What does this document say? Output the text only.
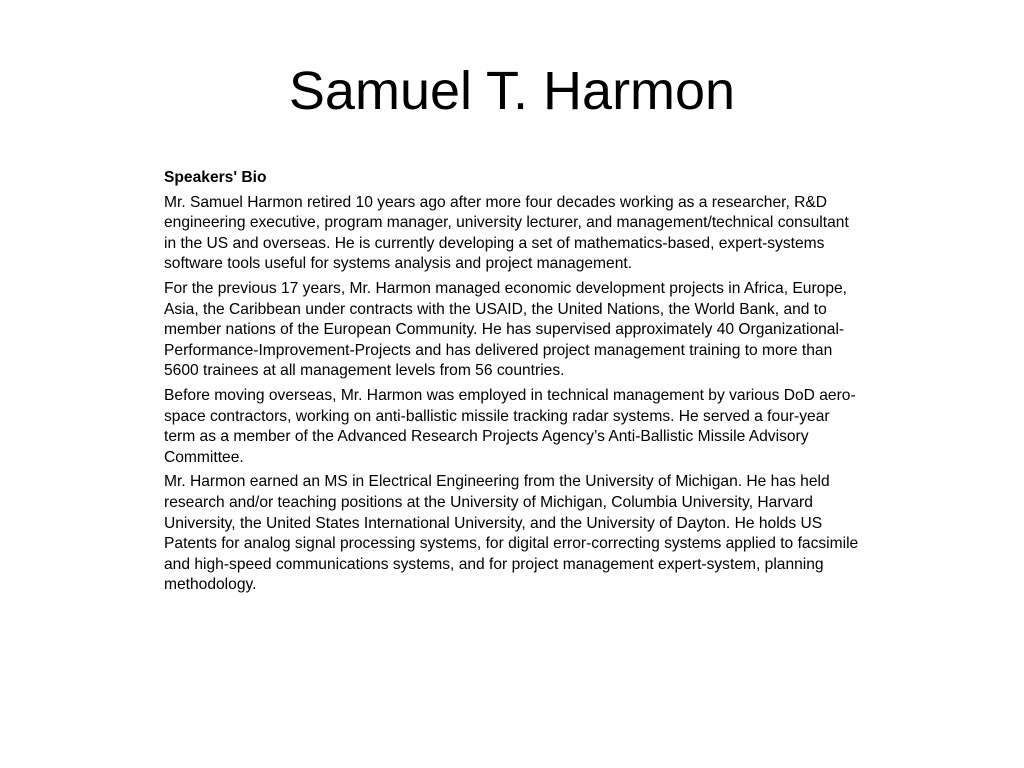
Samuel T. Harmon

Speakers' Bio

Mr. Samuel Harmon retired 10 years ago after more four decades working as a researcher, R&D engineering executive, program manager, university lecturer, and management/technical consultant in the US and overseas. He is currently developing a set of mathematics-based, expert-systems software tools useful for systems analysis and project management.

For the previous 17 years, Mr. Harmon managed economic development projects in Africa, Europe, Asia, the Caribbean under contracts with the USAID, the United Nations, the World Bank, and to member nations of the European Community. He has supervised approximately 40 Organizational-Performance-Improvement-Projects and has delivered project management training to more than 5600 trainees at all management levels from 56 countries.

Before moving overseas, Mr. Harmon was employed in technical management by various DoD aero-space contractors, working on anti-ballistic missile tracking radar systems. He served a four-year term as a member of the Advanced Research Projects Agency’s Anti-Ballistic Missile Advisory Committee.

Mr. Harmon earned an MS in Electrical Engineering from the University of Michigan. He has held research and/or teaching positions at the University of Michigan, Columbia University, Harvard University, the United States International University, and the University of Dayton. He holds US Patents for analog signal processing systems, for digital error-correcting systems applied to facsimile and high-speed communications systems, and for project management expert-system, planning methodology.
